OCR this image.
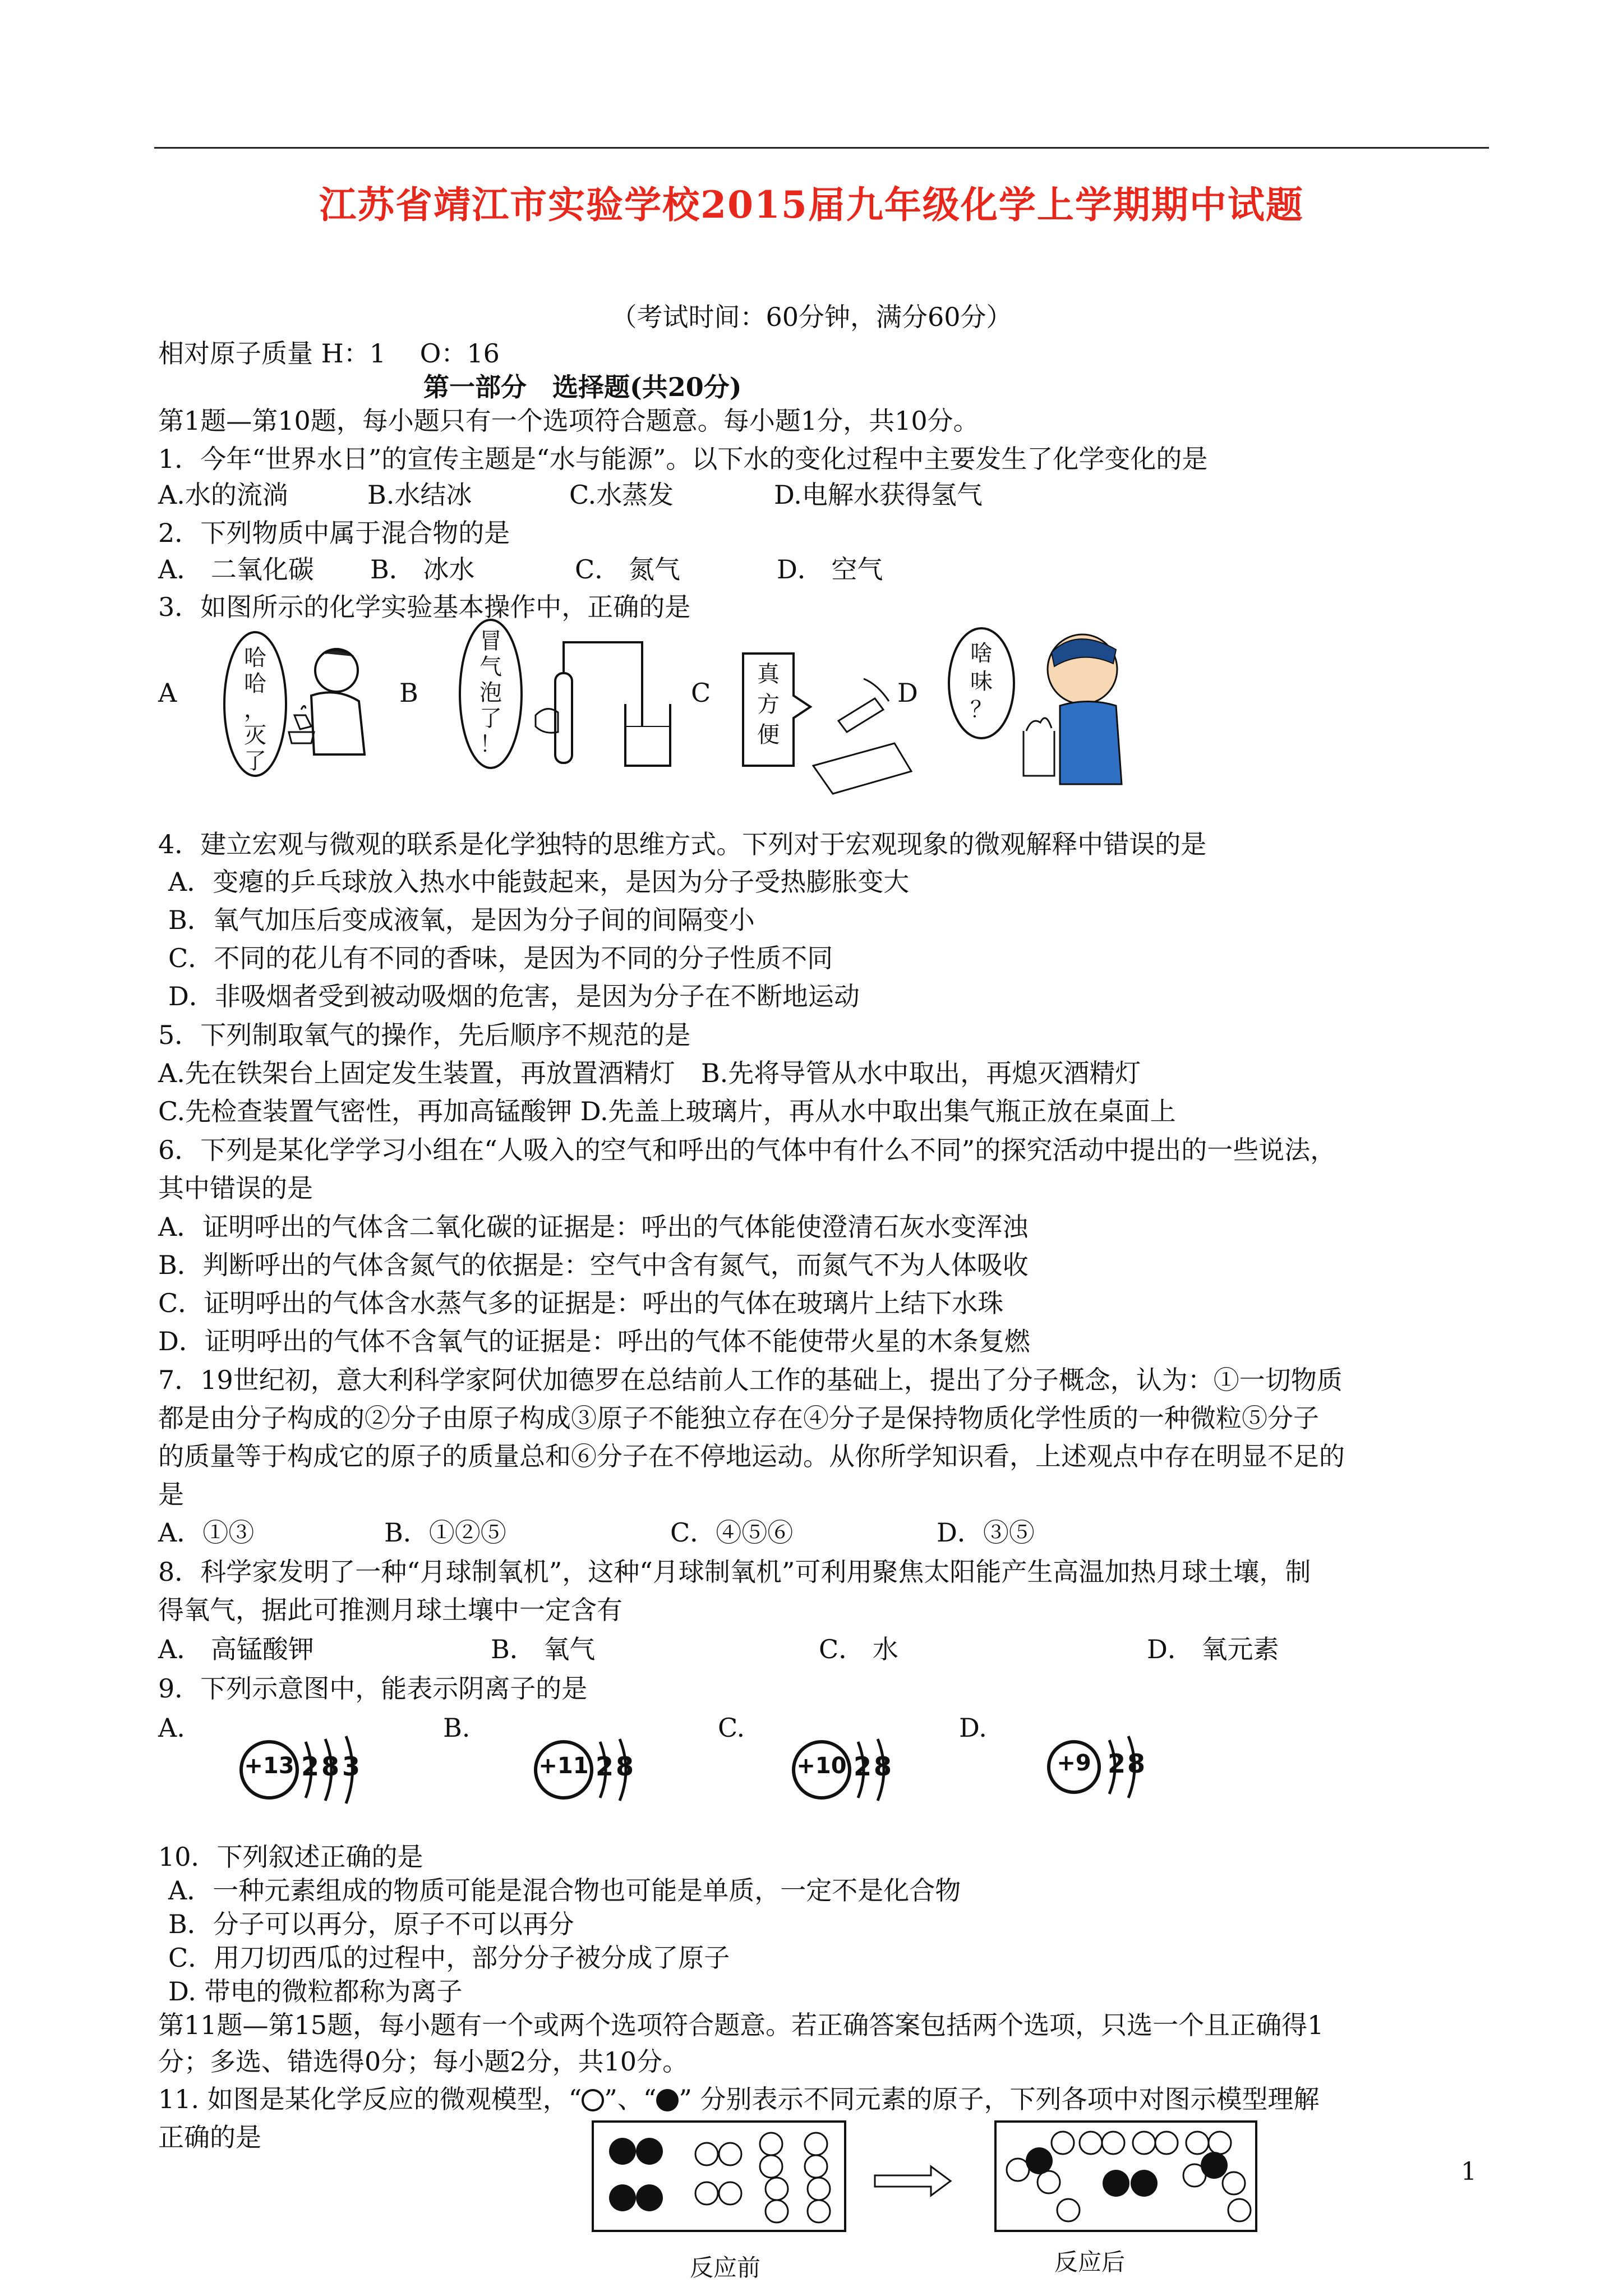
江苏省靖江市实验学校2015届九年级化学上学期期中试题
（考试时间：60分钟，满分60分）
相对原子质量 H：1　 O：16
第一部分　选择题(共20分)
第1题—第10题，每小题只有一个选项符合题意。每小题1分，共10分。
1．今年“世界水日”的宣传主题是“水与能源”。以下水的变化过程中主要发生了化学变化的是
A.水的流淌	B.水结冰	C.水蒸发	D.电解水获得氢气
2．下列物质中属于混合物的是
A． 二氧化碳 B． 冰水	C． 氮气	D． 空气
3．如图所示的化学实验基本操作中，正确的是
A	B	C	D
哈
哈
，
灭
了
冒
气
泡
了
！
真
方
便
啥
味
？
4．建立宏观与微观的联系是化学独特的思维方式。下列对于宏观现象的微观解释中错误的是
A．变瘪的乒乓球放入热水中能鼓起来，是因为分子受热膨胀变大
B．氧气加压后变成液氧，是因为分子间的间隔变小
C．不同的花儿有不同的香味，是因为不同的分子性质不同
D．非吸烟者受到被动吸烟的危害，是因为分子在不断地运动
5．下列制取氧气的操作，先后顺序不规范的是
A.先在铁架台上固定发生装置，再放置酒精灯　B.先将导管从水中取出，再熄灭酒精灯
C.先检查装置气密性，再加高锰酸钾 D.先盖上玻璃片，再从水中取出集气瓶正放在桌面上
6．下列是某化学学习小组在“人吸入的空气和呼出的气体中有什么不同”的探究活动中提出的一些说法，
其中错误的是
A．证明呼出的气体含二氧化碳的证据是：呼出的气体能使澄清石灰水变浑浊
B．判断呼出的气体含氮气的依据是：空气中含有氮气，而氮气不为人体吸收
C．证明呼出的气体含水蒸气多的证据是：呼出的气体在玻璃片上结下水珠
D．证明呼出的气体不含氧气的证据是：呼出的气体不能使带火星的木条复燃
7．19世纪初，意大利科学家阿伏加德罗在总结前人工作的基础上，提出了分子概念，认为：①一切物质
都是由分子构成的②分子由原子构成③原子不能独立存在④分子是保持物质化学性质的一种微粒⑤分子
的质量等于构成它的原子的质量总和⑥分子在不停地运动。从你所学知识看，上述观点中存在明显不足的
是
A．①③	B．①②⑤	C．④⑤⑥	D．③⑤
8．科学家发明了一种“月球制氧机”，这种“月球制氧机”可利用聚焦太阳能产生高温加热月球土壤，制
得氧气，据此可推测月球土壤中一定含有
A． 高锰酸钾	B． 氧气	C． 水	D． 氧元素
9．下列示意图中，能表示阴离子的是
A.	B.	C.	D.
+13 2 8 3	+11 2 8	+10 2 8	+9 2 8
10．下列叙述正确的是
A．一种元素组成的物质可能是混合物也可能是单质，一定不是化合物
B．分子可以再分，原子不可以再分
C．用刀切西瓜的过程中，部分分子被分成了原子
D. 带电的微粒都称为离子
第11题—第15题，每小题有一个或两个选项符合题意。若正确答案包括两个选项，只选一个且正确得1
分；多选、错选得0分；每小题2分，共10分。
11. 如图是某化学反应的微观模型，“ ”、“ ” 分别表示不同元素的原子，下列各项中对图示模型理解
正确的是
反应前	反应后
1
